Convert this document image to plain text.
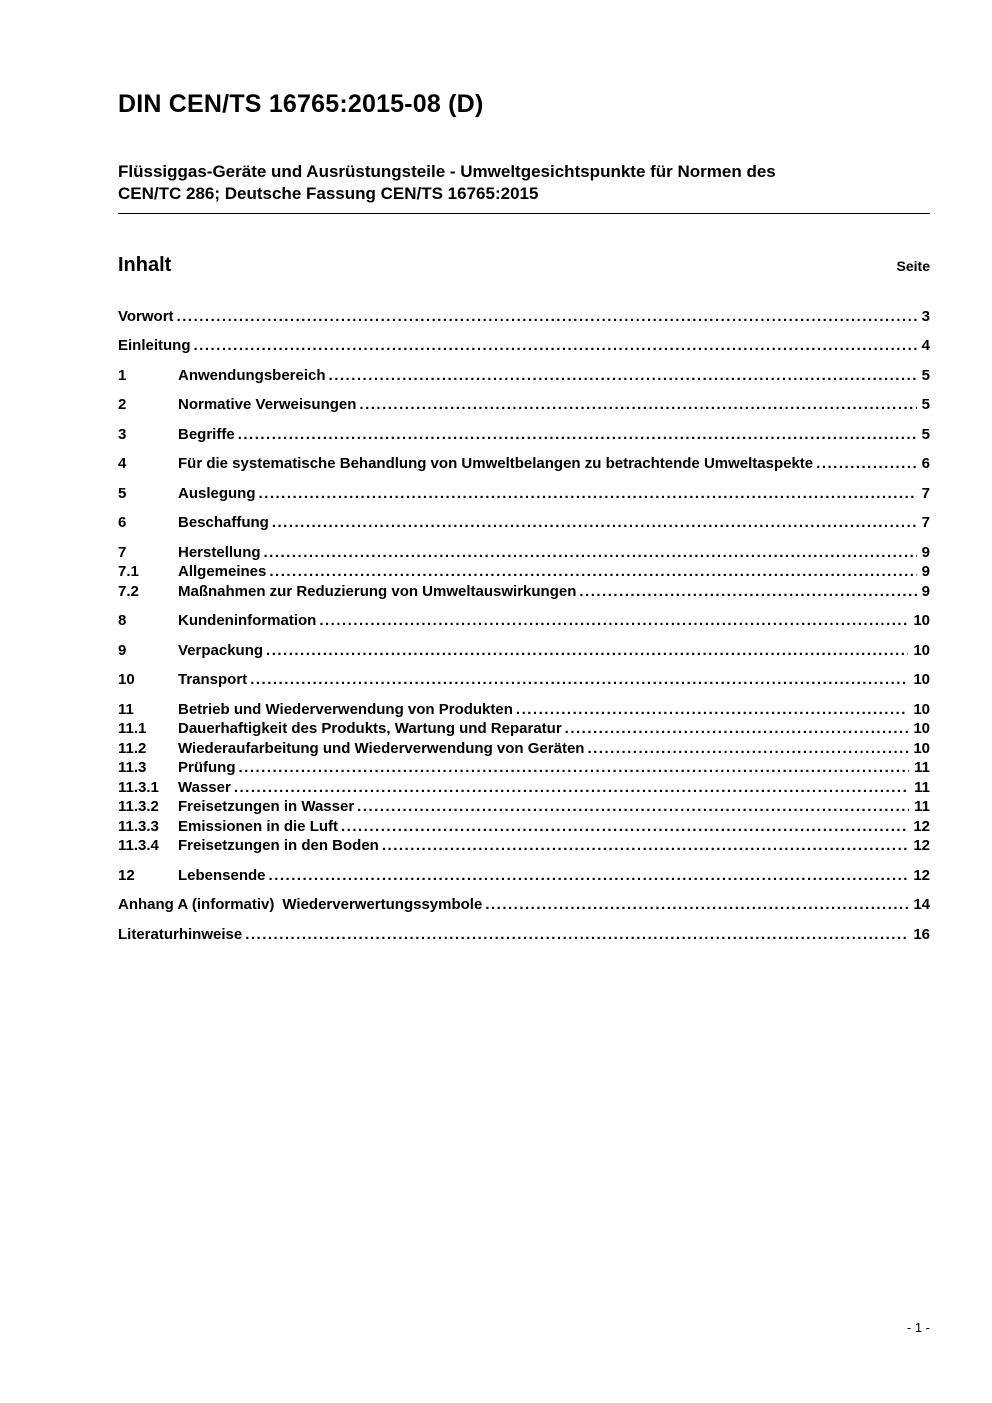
DIN CEN/TS 16765:2015-08 (D)
Flüssiggas-Geräte und Ausrüstungsteile - Umweltgesichtspunkte für Normen des
CEN/TC 286; Deutsche Fassung CEN/TS 16765:2015
Inhalt	Seite
Vorwort .....	3
Einleitung .....	4
1	Anwendungsbereich .....	5
2	Normative Verweisungen .....	5
3	Begriffe .....	5
4	Für die systematische Behandlung von Umweltbelangen zu betrachtende Umweltaspekte .....	6
5	Auslegung .....	7
6	Beschaffung .....	7
7	Herstellung .....	9
7.1	Allgemeines .....	9
7.2	Maßnahmen zur Reduzierung von Umweltauswirkungen .....	9
8	Kundeninformation .....	10
9	Verpackung .....	10
10	Transport .....	10
11	Betrieb und Wiederverwendung von Produkten .....	10
11.1	Dauerhaftigkeit des Produkts, Wartung und Reparatur .....	10
11.2	Wiederaufarbeitung und Wiederverwendung von Geräten .....	10
11.3	Prüfung .....	11
11.3.1	Wasser .....	11
11.3.2	Freisetzungen in Wasser .....	11
11.3.3	Emissionen in die Luft .....	12
11.3.4	Freisetzungen in den Boden .....	12
12	Lebensende .....	12
Anhang A (informativ) Wiederverwertungssymbole .....	14
Literaturhinweise .....	16
- 1 -
